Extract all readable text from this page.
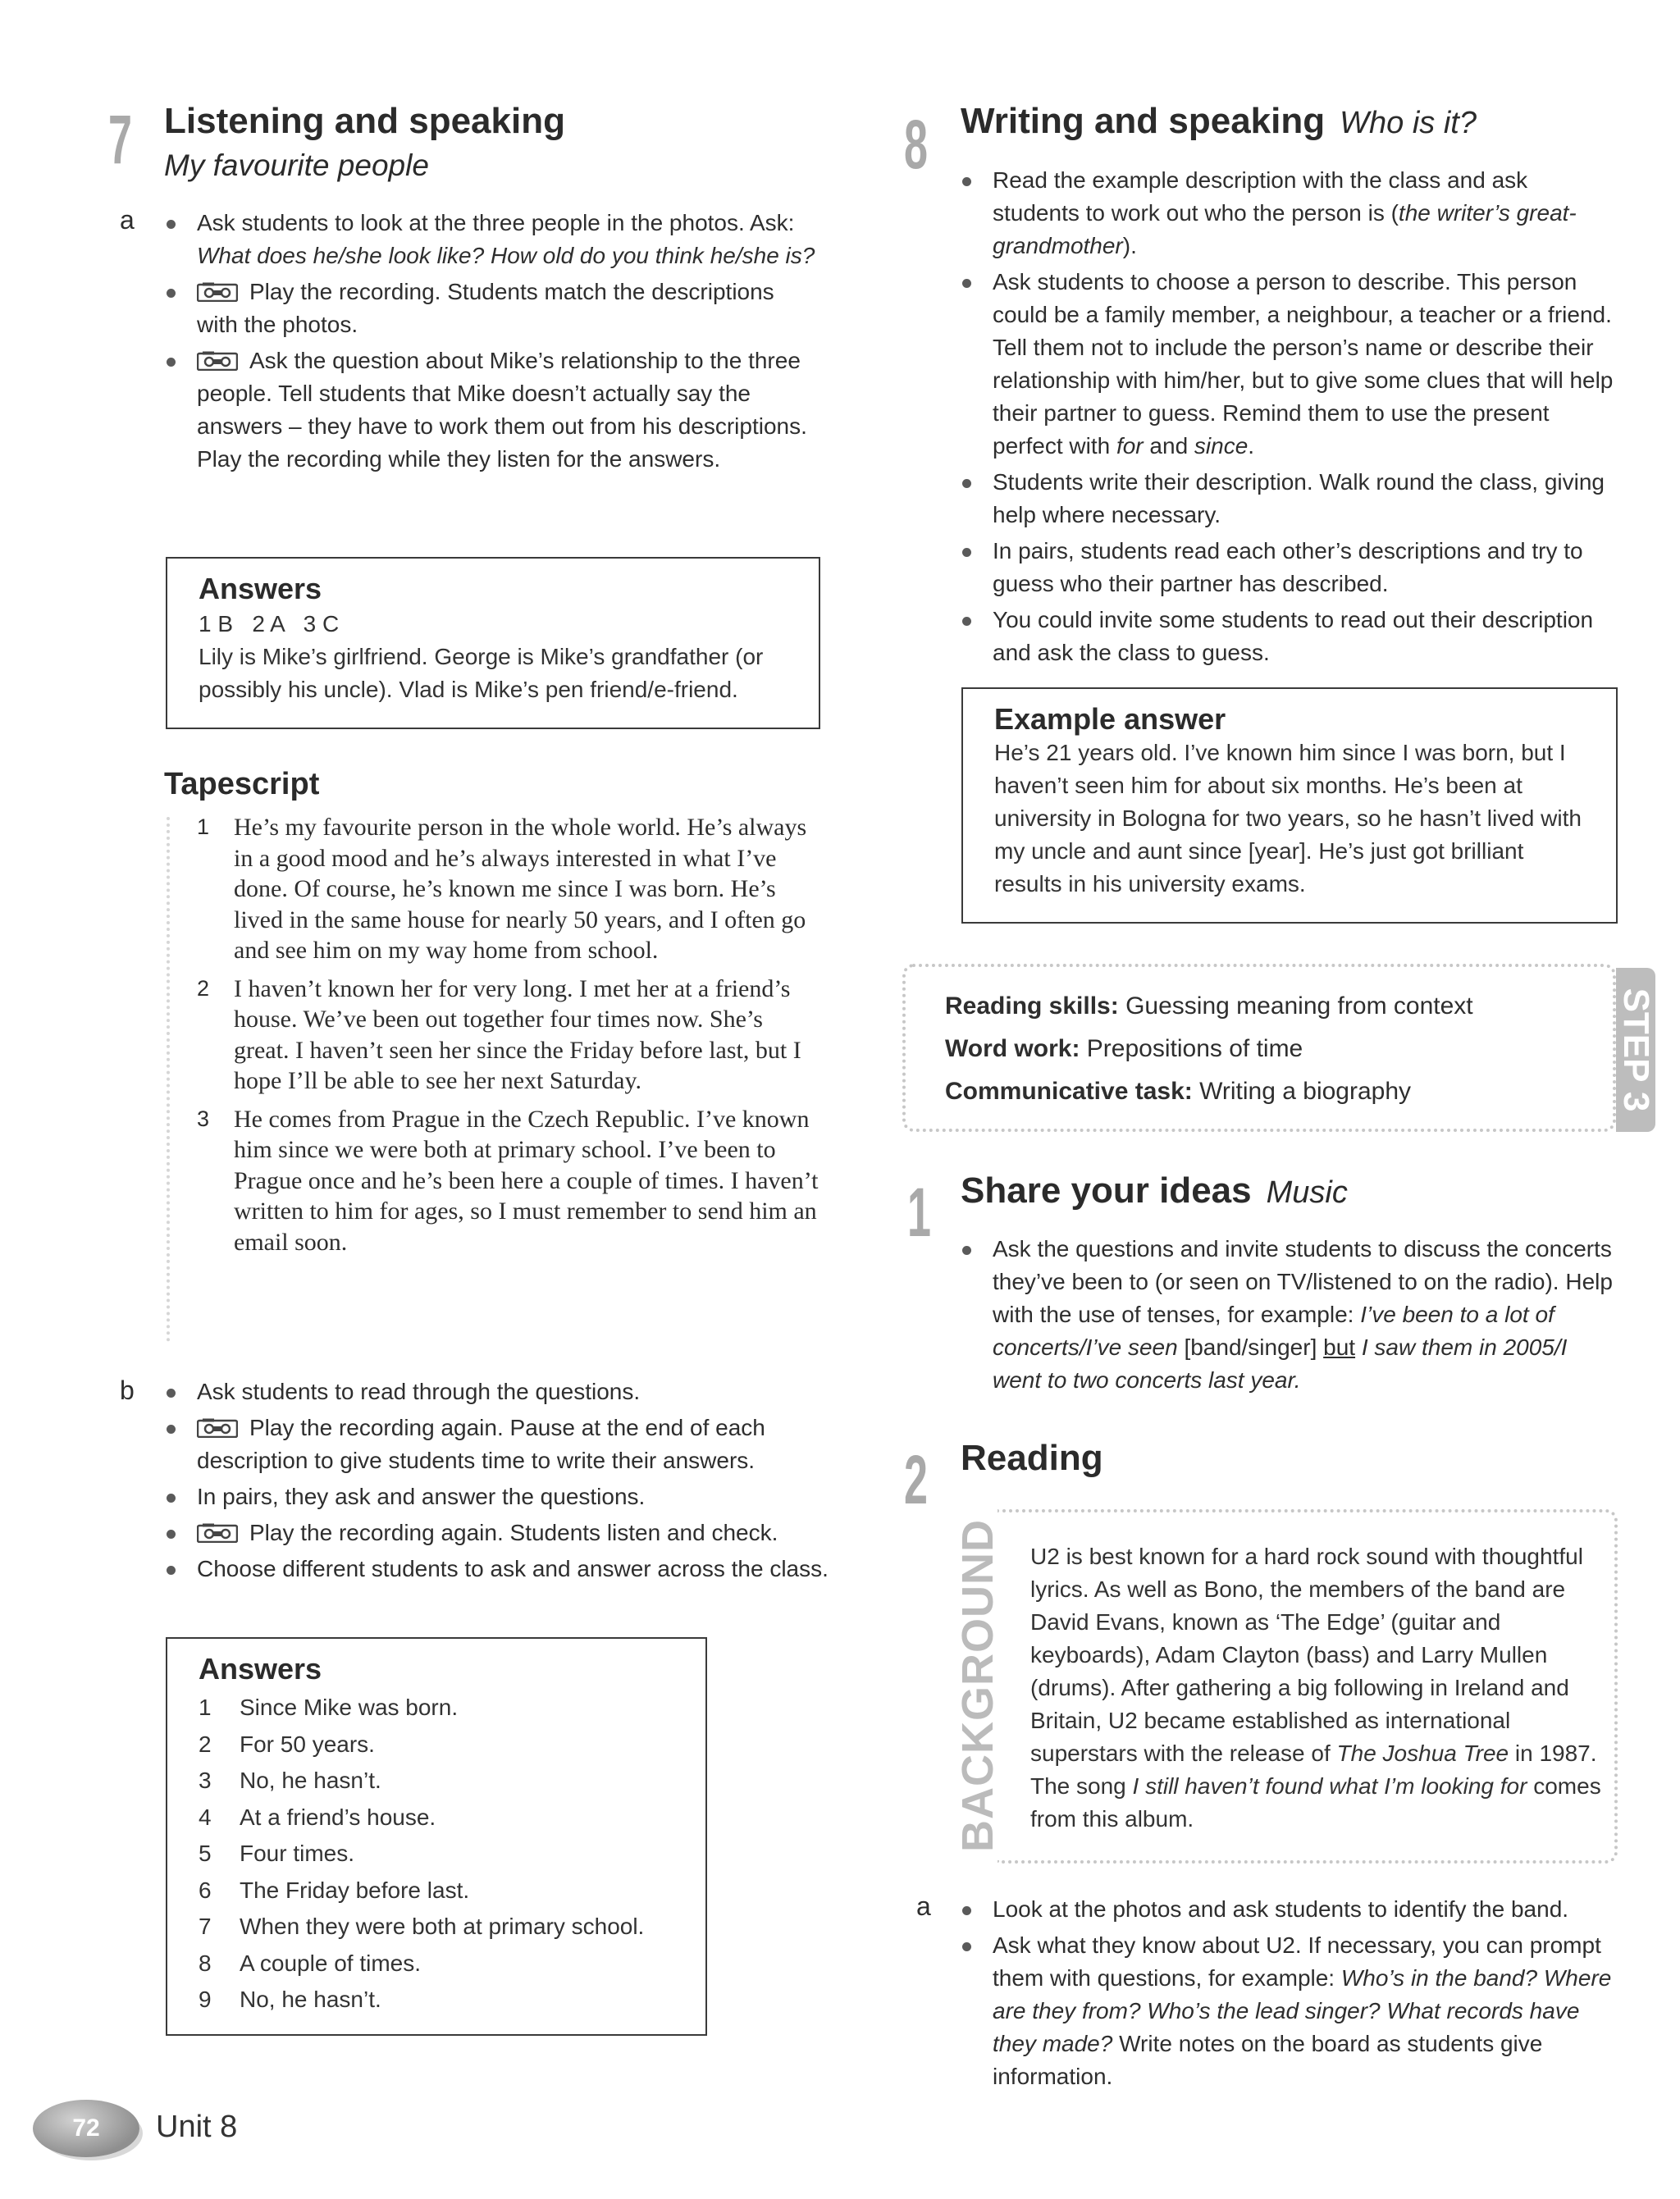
7 Listening and speaking
My favourite people
a	Ask students to look at the three people in the photos. Ask: What does he/she look like? How old do you think he/she is?
Play the recording. Students match the descriptions with the photos.
Ask the question about Mike’s relationship to the three people. Tell students that Mike doesn’t actually say the answers – they have to work them out from his descriptions. Play the recording while they listen for the answers.
Answers

1 B   2 A   3 C

Lily is Mike’s girlfriend. George is Mike’s grandfather (or possibly his uncle). Vlad is Mike’s pen friend/e-friend.

Tapescript
1 He’s my favourite person in the whole world. He’s always in a good mood and he’s always interested in what I’ve done. Of course, he’s known me since I was born. He’s lived in the same house for nearly 50 years, and I often go and see him on my way home from school.
2 I haven’t known her for very long. I met her at a friend’s house. We’ve been out together four times now. She’s great. I haven’t seen her since the Friday before last, but I hope I’ll be able to see her next Saturday.
3 He comes from Prague in the Czech Republic. I’ve known him since we were both at primary school. I’ve been to Prague once and he’s been here a couple of times. I haven’t written to him for ages, so I must remember to send him an email soon.
b	Ask students to read through the questions.
Play the recording again. Pause at the end of each description to give students time to write their answers.
In pairs, they ask and answer the questions.
Play the recording again. Students listen and check.
Choose different students to ask and answer across the class.
Answers
1 Since Mike was born.
2 For 50 years.
3 No, he hasn’t.
4 At a friend’s house.
5 Four times.
6 The Friday before last.
7 When they were both at primary school.
8 A couple of times.
9 No, he hasn’t.
8 Writing and speaking Who is it?
Read the example description with the class and ask students to work out who the person is (the writer’s great-grandmother).
Ask students to choose a person to describe. This person could be a family member, a neighbour, a teacher or a friend. Tell them not to include the person’s name or describe their relationship with him/her, but to give some clues that will help their partner to guess. Remind them to use the present perfect with for and since.
Students write their description. Walk round the class, giving help where necessary.
In pairs, students read each other’s descriptions and try to guess who their partner has described.
You could invite some students to read out their description and ask the class to guess.
Example answer

He’s 21 years old. I’ve known him since I was born, but I haven’t seen him for about six months. He’s been at university in Bologna for two years, so he hasn’t lived with my uncle and aunt since [year]. He’s just got brilliant results in his university exams.

Reading skills: Guessing meaning from context
Word work: Prepositions of time
Communicative task: Writing a biography	STEP 3
1 Share your ideas Music
Ask the questions and invite students to discuss the concerts they’ve been to (or seen on TV/listened to on the radio). Help with the use of tenses, for example: I’ve been to a lot of concerts/I’ve seen [band/singer] but I saw them in 2005/I went to two concerts last year.
2 Reading
BACKGROUND U2 is best known for a hard rock sound with thoughtful lyrics. As well as Bono, the members of the band are David Evans, known as ‘The Edge’ (guitar and keyboards), Adam Clayton (bass) and Larry Mullen (drums). After gathering a big following in Ireland and Britain, U2 became established as international superstars with the release of The Joshua Tree in 1987. The song I still haven’t found what I’m looking for comes from this album.

a	Look at the photos and ask students to identify the band.
Ask what they know about U2. If necessary, you can prompt them with questions, for example: Who’s in the band? Where are they from? Who’s the lead singer? What records have they made? Write notes on the board as students give information.
72	Unit 8
